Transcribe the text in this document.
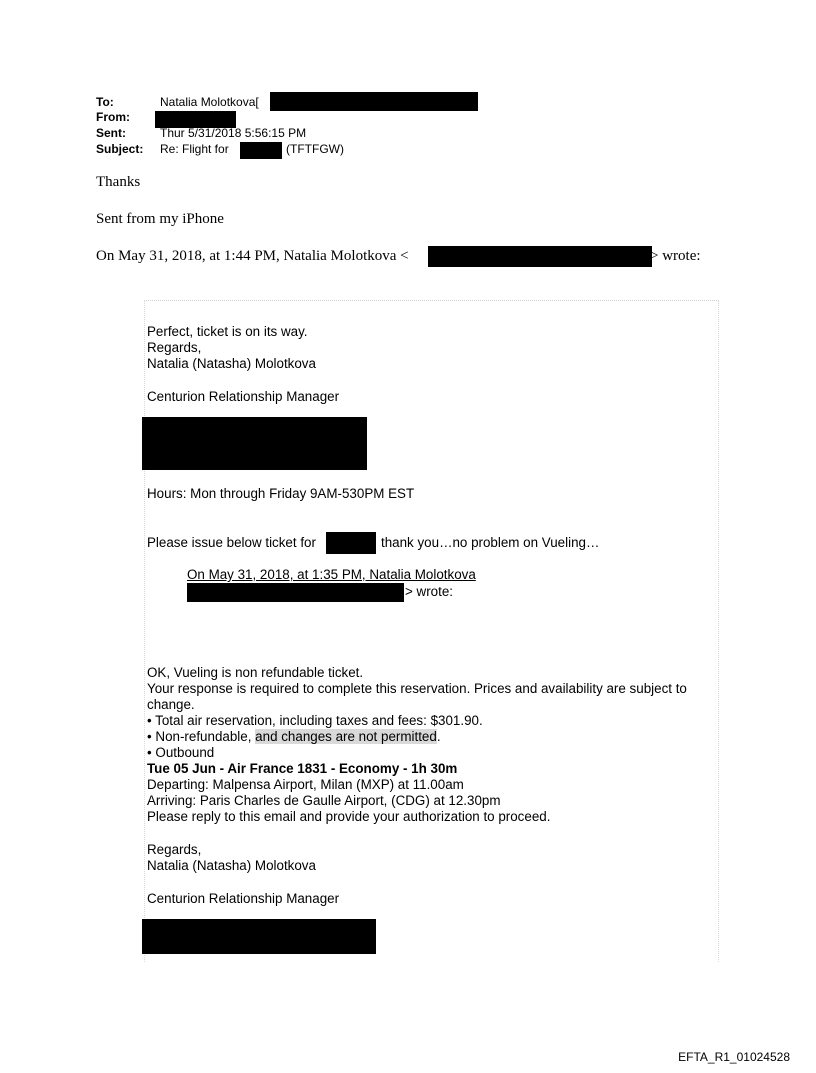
To:	Natalia Molotkova[
From:
Sent:	Thur 5/31/2018 5:56:15 PM
Subject: Re: Flight for	(TFTFGW)
Thanks
Sent from my iPhone
On May 31, 2018, at 1:44 PM, Natalia Molotkova <	> wrote:
Perfect, ticket is on its way.
Regards,
Natalia (Natasha) Molotkova
Centurion Relationship Manager
Hours: Mon through Friday 9AM-530PM EST
Please issue below ticket for	thank you…no problem on Vueling…
On May 31, 2018, at 1:35 PM, Natalia Molotkova
> wrote:
OK, Vueling is non refundable ticket.
Your response is required to complete this reservation. Prices and availability are subject to
change.
• Total air reservation, including taxes and fees: $301.90.
• Non-refundable, and changes are not permitted.
• Outbound
Tue 05 Jun - Air France 1831 - Economy - 1h 30m
Departing: Malpensa Airport, Milan (MXP) at 11.00am
Arriving: Paris Charles de Gaulle Airport, (CDG) at 12.30pm
Please reply to this email and provide your authorization to proceed.
Regards,
Natalia (Natasha) Molotkova
Centurion Relationship Manager
EFTA_R1_01024528
